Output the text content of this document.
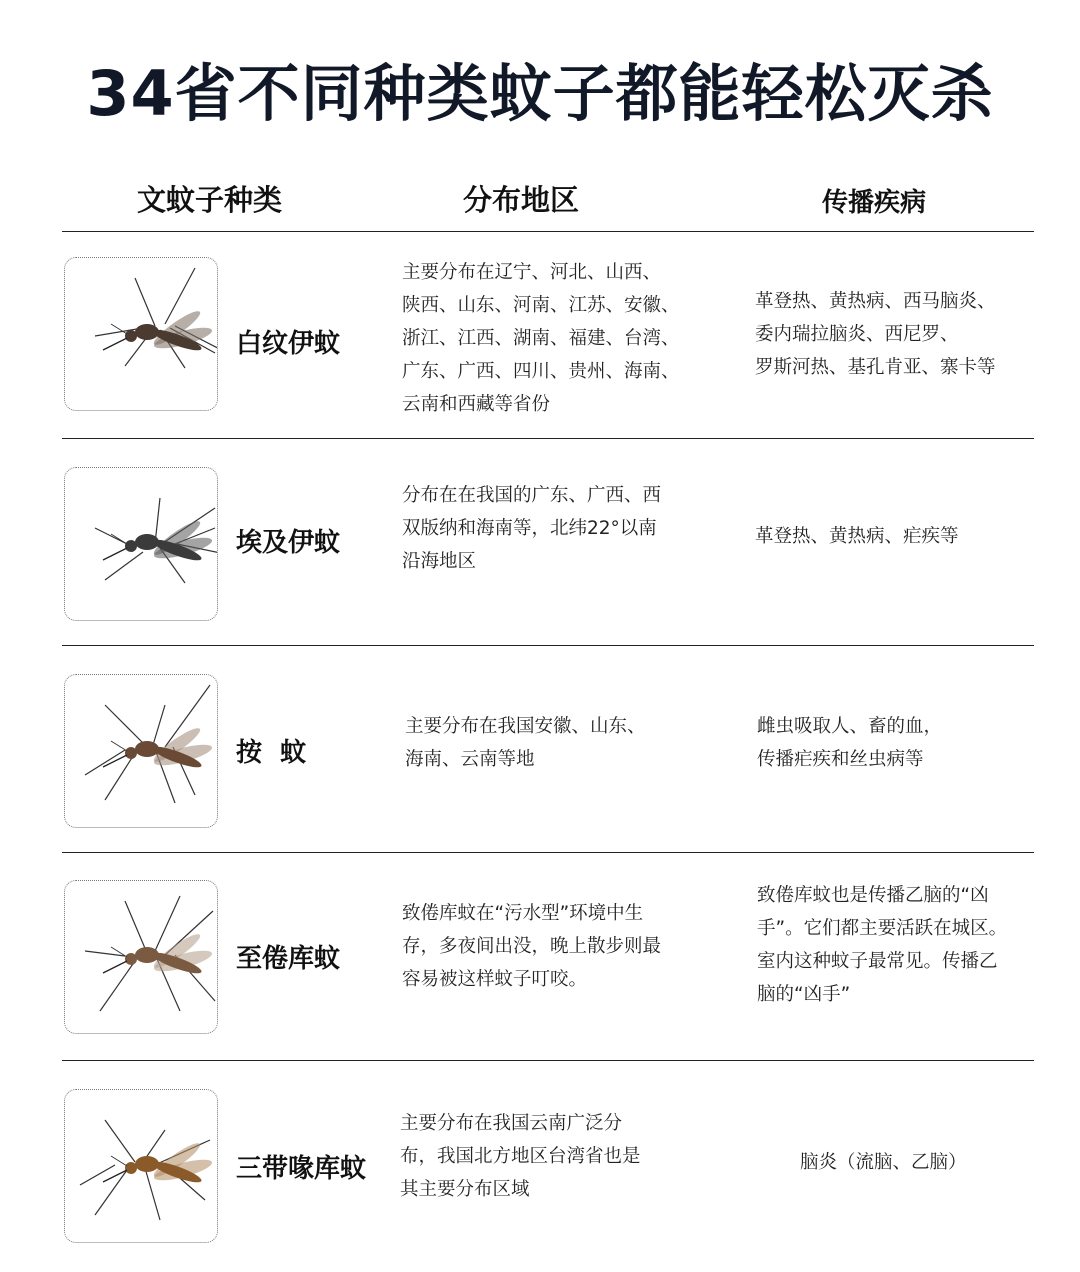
34省不同种类蚊子都能轻松灭杀
文蚊子种类	分布地区	传播疾病
白纹伊蚊
主要分布在辽宁、河北、山西、
陕西、山东、河南、江苏、安徽、
浙江、江西、湖南、福建、台湾、
广东、广西、四川、贵州、海南、
云南和西藏等省份
革登热、黄热病、西马脑炎、
委内瑞拉脑炎、西尼罗、
罗斯河热、基孔肯亚、寨卡等
埃及伊蚊
分布在在我国的广东、广西、西
双版纳和海南等，北纬22°以南
沿海地区
革登热、黄热病、疟疾等
按  蚊
主要分布在我国安徽、山东、
海南、云南等地
雌虫吸取人、畜的血，
传播疟疾和丝虫病等
至倦库蚊
致倦库蚊在“污水型”环境中生
存，多夜间出没，晚上散步则最
容易被这样蚊子叮咬。
致倦库蚊也是传播乙脑的“凶
手”。它们都主要活跃在城区。
室内这种蚊子最常见。传播乙
脑的“凶手”
三带喙库蚊
主要分布在我国云南广泛分
布，我国北方地区台湾省也是
其主要分布区域
脑炎（流脑、乙脑）
